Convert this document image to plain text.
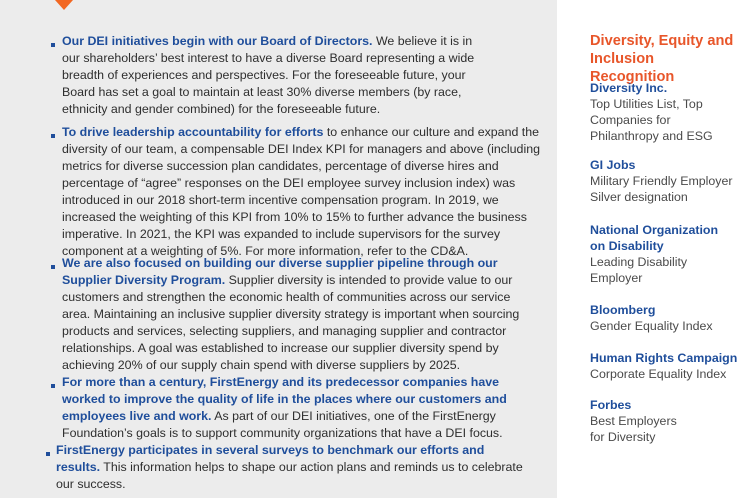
Our DEI initiatives begin with our Board of Directors. We believe it is in our shareholders’ best interest to have a diverse Board representing a wide breadth of experiences and perspectives. For the foreseeable future, your Board has set a goal to maintain at least 30% diverse members (by race, ethnicity and gender combined) for the foreseeable future.

To drive leadership accountability for efforts to enhance our culture and expand the diversity of our team, a compensable DEI Index KPI for managers and above (including metrics for diverse succession plan candidates, percentage of diverse hires and percentage of “agree” responses on the DEI employee survey inclusion index) was introduced in our 2018 short-term incentive compensation program. In 2019, we increased the weighting of this KPI from 10% to 15% to further advance the business imperative. In 2021, the KPI was expanded to include supervisors for the survey component at a weighting of 5%. For more information, refer to the CD&A.

We are also focused on building our diverse supplier pipeline through our Supplier Diversity Program. Supplier diversity is intended to provide value to our customers and strengthen the economic health of communities across our service area. Maintaining an inclusive supplier diversity strategy is important when sourcing products and services, selecting suppliers, and managing supplier and contractor relationships. A goal was established to increase our supplier diversity spend by achieving 20% of our supply chain spend with diverse suppliers by 2025.

For more than a century, FirstEnergy and its predecessor companies have worked to improve the quality of life in the places where our customers and employees live and work. As part of our DEI initiatives, one of the FirstEnergy Foundation’s goals is to support community organizations that have a DEI focus.

FirstEnergy participates in several surveys to benchmark our efforts and results. This information helps to shape our action plans and reminds us to celebrate our success.

Diversity, Equity and Inclusion Recognition
Diversity Inc.
Top Utilities List, Top Companies for Philanthropy and ESG
GI Jobs
Military Friendly Employer Silver designation
National Organization on Disability
Leading Disability Employer
Bloomberg
Gender Equality Index
Human Rights Campaign
Corporate Equality Index
Forbes
Best Employers for Diversity
